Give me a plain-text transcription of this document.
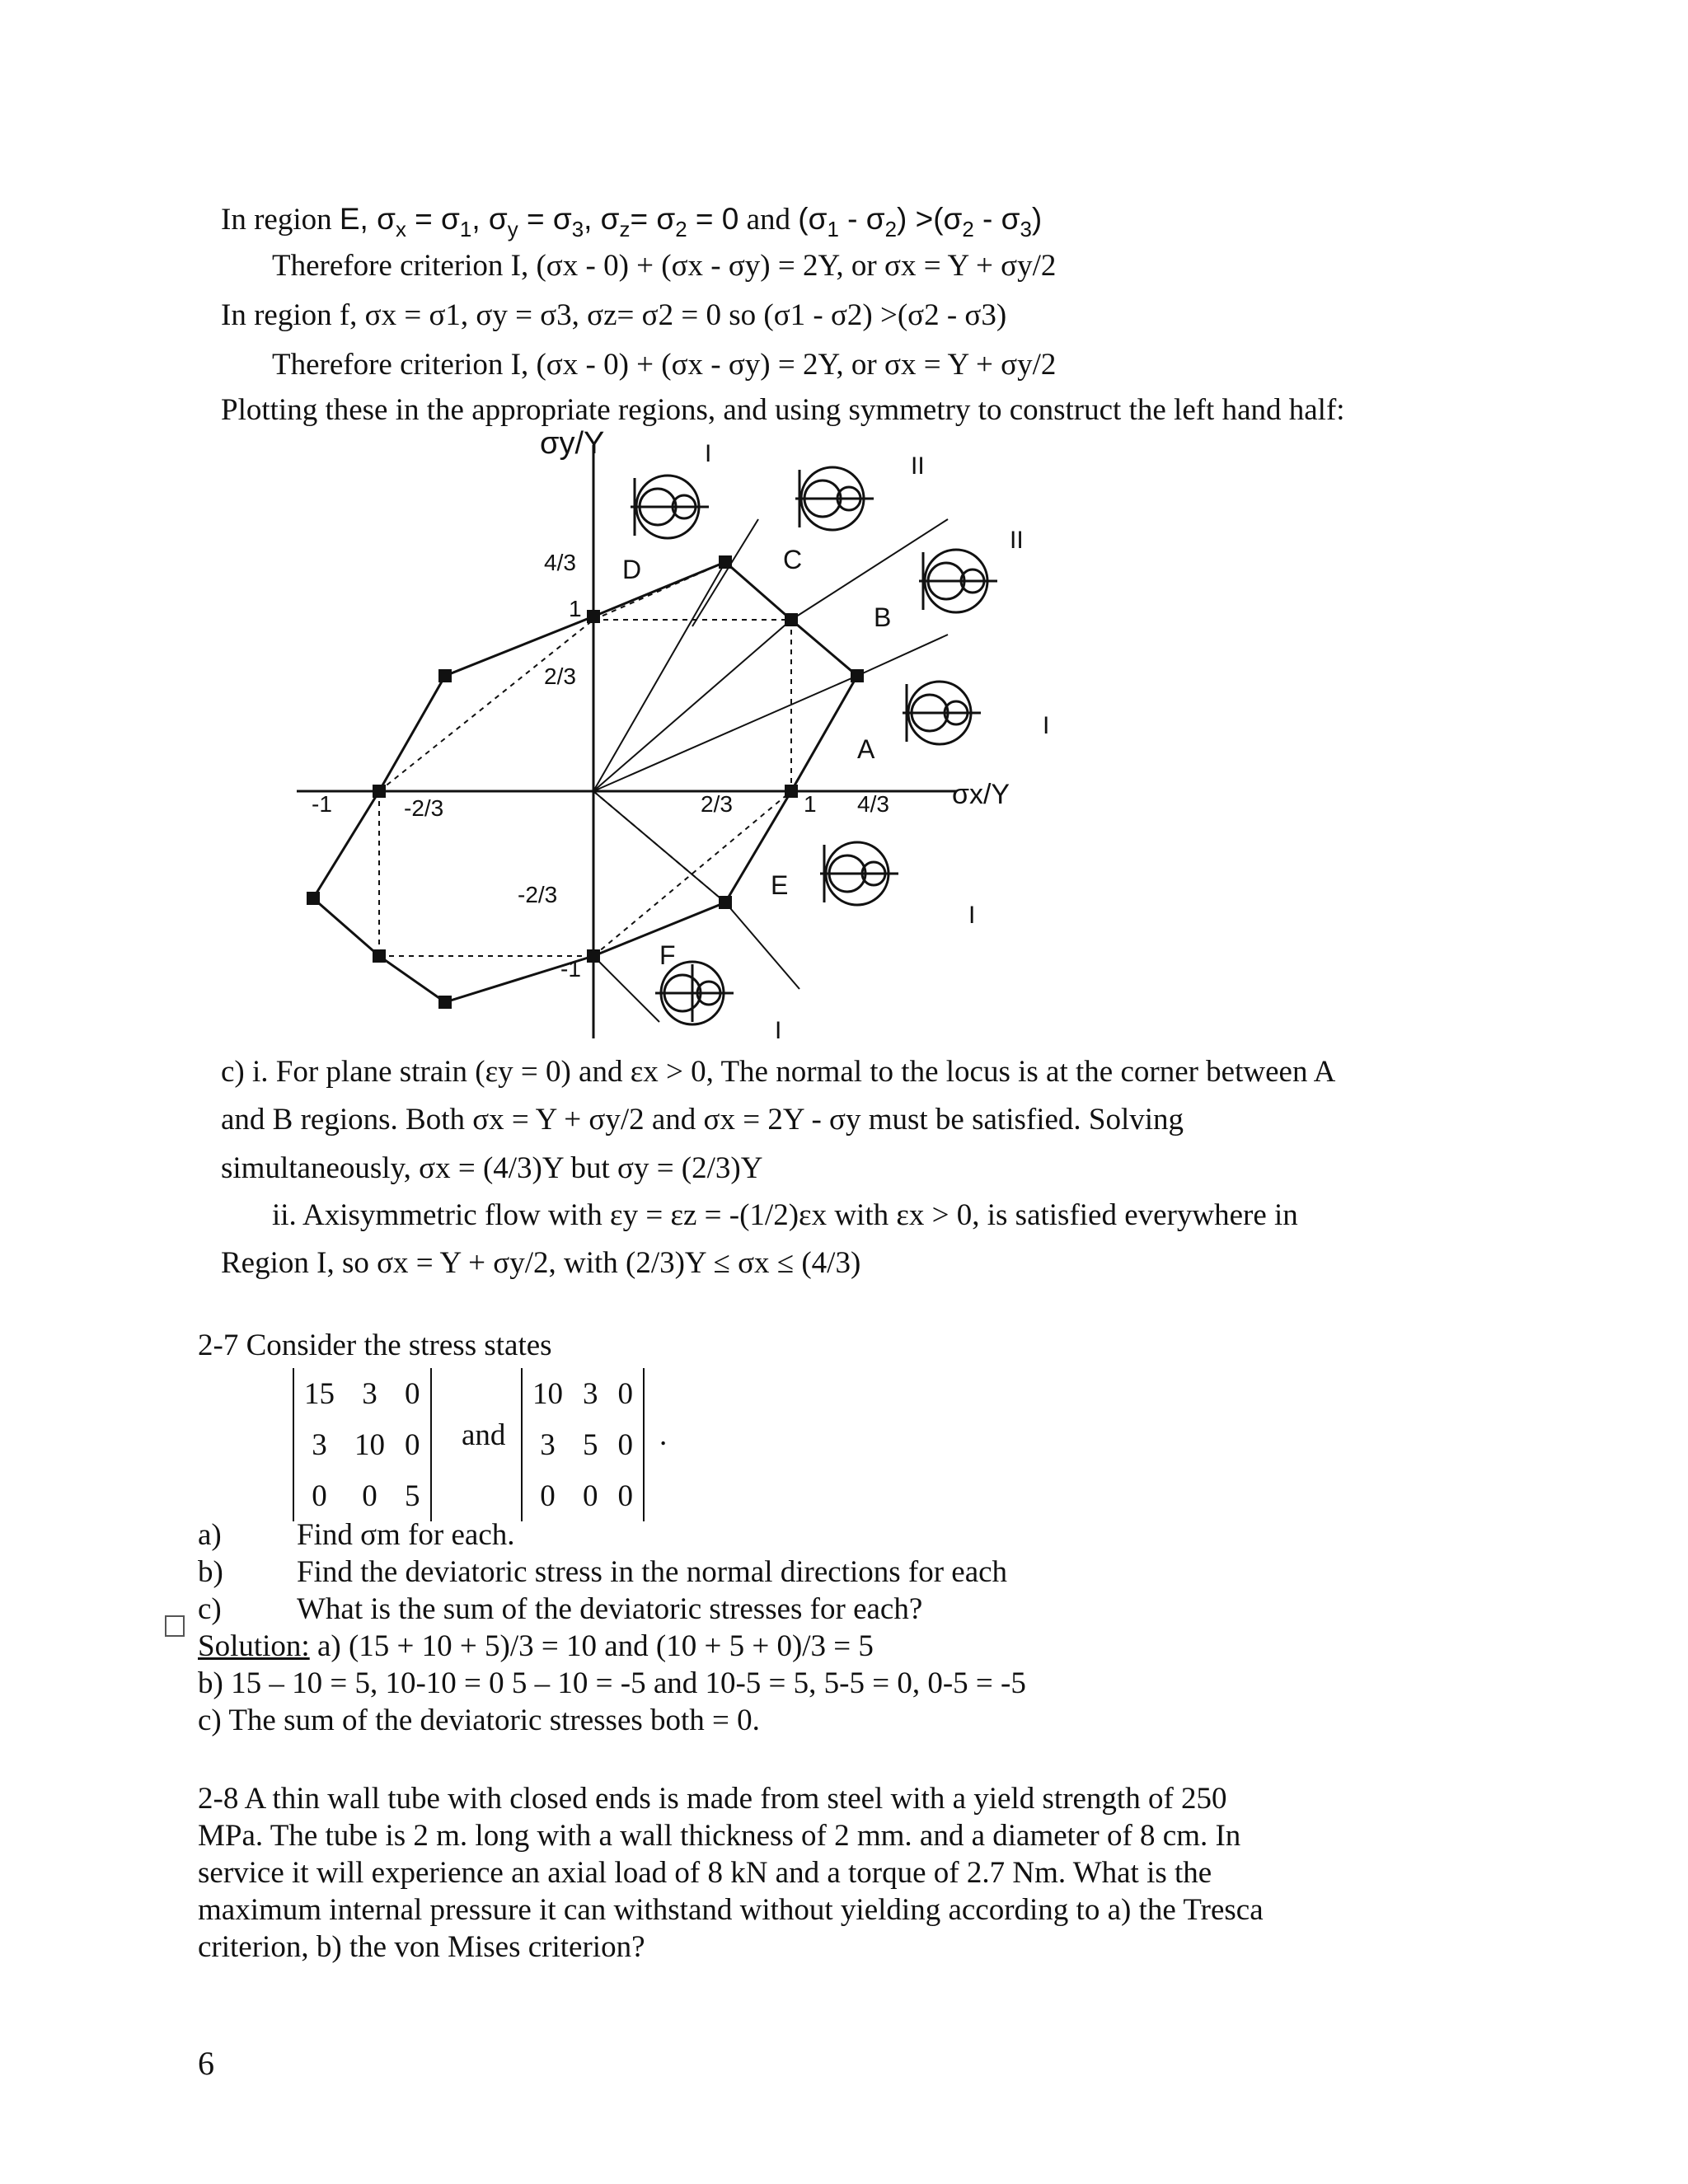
In region E, $\sigma_x = \sigma_1$, $\sigma_y = \sigma_3$, $\sigma_z= \sigma_2 = 0$ and $(\sigma_1 - \sigma_2) >(\sigma_2 - \sigma_3)$
Therefore criterion I, (σx - 0) + (σx - σy) = 2Y, or σx = Y + σy/2
In region f, σx = σ1, σy = σ3, σz= σ2 = 0 so (σ1 - σ2) >(σ2 - σ3)
Therefore criterion I, (σx - 0) + (σx - σy) = 2Y, or σx = Y + σy/2
Plotting these in the appropriate regions, and using symmetry to construct the left hand half:
σy/Y
σx/Y
4/3
1
2/3
-2/3
-1
-1	-2/3	2/3	1 4/3
A
B
C
D
E
F
I	II
II
I
I
I
c) i. For plane strain (εy = 0) and εx > 0, The normal to the locus is at the corner between A
and B regions. Both σx = Y + σy/2 and σx = 2Y - σy must be satisfied. Solving
simultaneously, σx = (4/3)Y but σy = (2/3)Y
ii. Axisymmetric flow with εy = εz = -(1/2)εx with εx > 0, is satisfied everywhere in
Region I, so σx = Y + σy/2, with (2/3)Y ≤ σx ≤ (4/3)
2-7 Consider the stress states
15	3	0
3	10	0
0	0	5
and
10	3	0
3	5	0
0	0	0
.
a) Find σm for each.
b) Find the deviatoric stress in the normal directions for each
c) What is the sum of the deviatoric stresses for each?
Solution: a) (15 + 10 + 5)/3 = 10 and (10 + 5 + 0)/3 = 5
b) 15 – 10 = 5, 10-10 = 0 5 – 10 = -5 and 10-5 = 5, 5-5 = 0, 0-5 = -5
c) The sum of the deviatoric stresses both = 0.
2-8 A thin wall tube with closed ends is made from steel with a yield strength of 250
MPa. The tube is 2 m. long with a wall thickness of 2 mm. and a diameter of 8 cm. In
service it will experience an axial load of 8 kN and a torque of 2.7 Nm. What is the
maximum internal pressure it can withstand without yielding according to a) the Tresca
criterion, b) the von Mises criterion?
6
